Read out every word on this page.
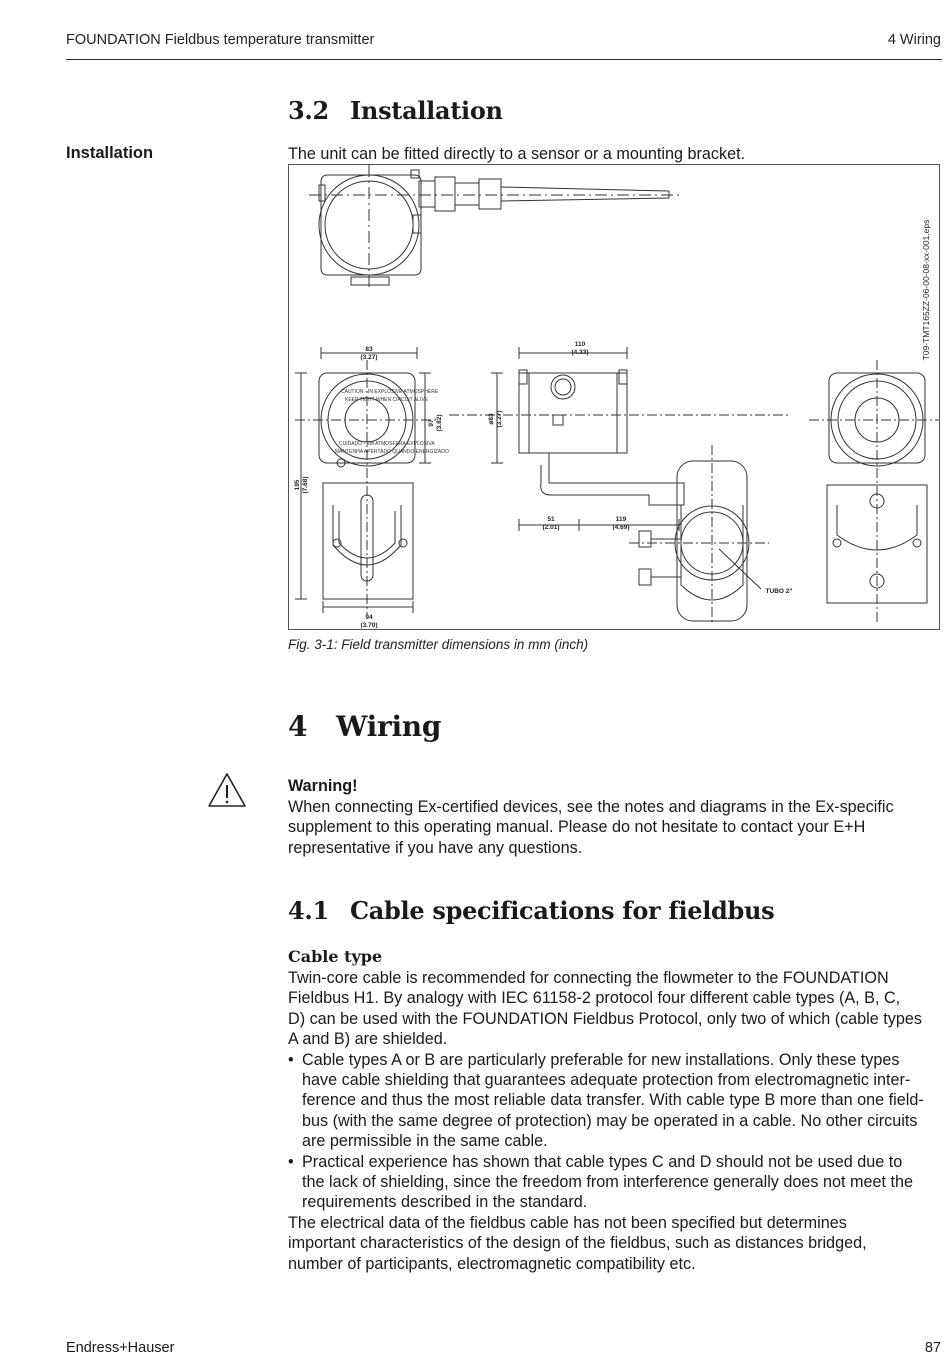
FOUNDATION Fieldbus temperature transmitter	4 Wiring
3.2 Installation
Installation	The unit can be fitted directly to a sensor or a mounting bracket.
CAUTION - IN EXPLOSIVE ATMOSPHERE
KEEP TIGHT WHEN CIRCUIT ALIVE
CUIDADO - EM ATMOSFERA EXPLOSIVA
MANTENHA APERTADO QUANDO ENERGIZADO
83
(3.27)
94
(3.70)
110
(4.33)
51
(2.01)
119
(4.69)
TUBO 2"
195 (7.68)
97 (3.82)	ø83 (3.27)
T09-TMT165ZZ-06-00-08-xx-001.eps
Fig. 3-1: Field transmitter dimensions in mm (inch)
4 Wiring
Warning!
When connecting Ex-certified devices, see the notes and diagrams in the Ex-specific
supplement to this operating manual. Please do not hesitate to contact your E+H
representative if you have any questions.
4.1 Cable specifications for fieldbus
Cable type
Twin-core cable is recommended for connecting the flowmeter to the FOUNDATION
Fieldbus H1. By analogy with IEC 61158-2 protocol four different cable types (A, B, C,
D) can be used with the FOUNDATION Fieldbus Protocol, only two of which (cable types
A and B) are shielded.
• Cable types A or B are particularly preferable for new installations. Only these types
have cable shielding that guarantees adequate protection from electromagnetic inter-
ference and thus the most reliable data transfer. With cable type B more than one field-
bus (with the same degree of protection) may be operated in a cable. No other circuits
are permissible in the same cable.
• Practical experience has shown that cable types C and D should not be used due to
the lack of shielding, since the freedom from interference generally does not meet the
requirements described in the standard.
The electrical data of the fieldbus cable has not been specified but determines
important characteristics of the design of the fieldbus, such as distances bridged,
number of participants, electromagnetic compatibility etc.
Endress+Hauser	87
